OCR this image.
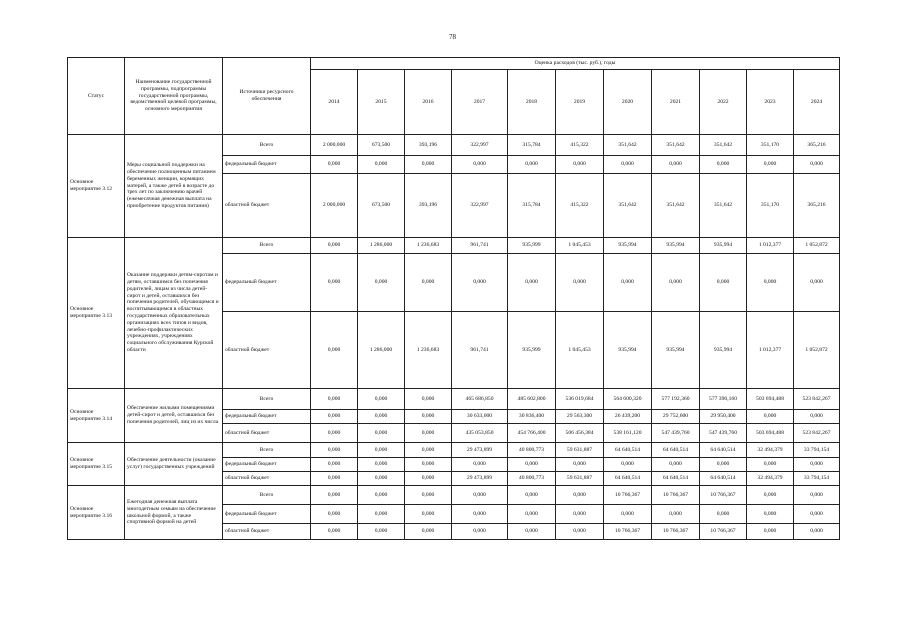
78
Статус	Наименование государственной программы, подпрограммы государственной программы, ведомственной целевой программы, основного мероприятия	Источники ресурсного обеспечения	Оценка расходов (тыс. руб.), годы										
			2014	2015	2016	2017	2018	2019	2020	2021	2022	2023	2024
Основное мероприятие 3.12	Меры социальной поддержки на обеспечение полноценным питанием беременных женщин, кормящих матерей, а также детей в возрасте до трех лет по заключению врачей (ежемесячная денежная выплата на приобретение продуктов питания)	Всего	2 000,000	673,500	393,196	322,997	315,784	415,322	351,642	351,642	351,642	351,170	365,216
		федеральный бюджет	0,000	0,000	0,000	0,000	0,000	0,000	0,000	0,000	0,000	0,000	0,000
		областной бюджет	2 000,000	673,500	393,196	322,997	315,784	415,322	351,642	351,642	351,642	351,170	365,216
Основное мероприятие 3.13	Оказание поддержки детям-сиротам и детям, оставшимся без попечения родителей, лицам из числа детей-сирот и детей, оставшихся без попечения родителей, обучающимся и воспитывающимся в областных государственных образовательных организациях всех типов и видов, лечебно-профилактических учреждениях, учреждениях социального обслуживания Курской области	Всего	0,000	1 286,000	1 236,683	961,741	935,999	1 045,453	935,994	935,994	935,994	1 012,377	1 052,872
		федеральный бюджет	0,000	0,000	0,000	0,000	0,000	0,000	0,000	0,000	0,000	0,000	0,000
		областной бюджет	0,000	1 286,000	1 236,683	961,741	935,999	1 045,453	935,994	935,994	935,994	1 012,377	1 052,872
Основное мероприятие 3.14	Обеспечение жилыми помещениями детей-сирот и детей, оставшихся без попечения родителей, лиц из их числа	Всего	0,000	0,000	0,000	465 686,850	485 602,800	536 019,684	564 600,320	577 192,360	577 390,160	503 694,488	523 842,267
		федеральный бюджет	0,000	0,000	0,000	30 633,000	30 836,400	29 563,300	26 439,200	29 752,600	29 950,400	0,000	0,000
		областной бюджет	0,000	0,000	0,000	435 053,850	454 766,400	506 456,384	538 161,120	547 439,760	547 439,760	503 694,488	523 842,267
Основное мероприятие 3.15	Обеспечение деятельности (оказание услуг) государственных учреждений	Всего	0,000	0,000	0,000	29 473,899	40 800,773	59 631,887	64 640,514	64 640,514	64 640,514	32 494,379	33 794,154
		федеральный бюджет	0,000	0,000	0,000	0,000	0,000	0,000	0,000	0,000	0,000	0,000	0,000
		областной бюджет	0,000	0,000	0,000	29 473,899	40 800,773	59 631,887	64 640,514	64 640,514	64 640,514	32 494,379	33 794,154
Основное мероприятие 3.16	Ежегодная денежная выплата многодетным семьям на обеспечение школьной формой, а также спортивной формой на детей	Всего	0,000	0,000	0,000	0,000	0,000	0,000	10 766,367	10 766,367	10 766,367	0,000	0,000
		федеральный бюджет	0,000	0,000	0,000	0,000	0,000	0,000	0,000	0,000	0,000	0,000	0,000
		областной бюджет	0,000	0,000	0,000	0,000	0,000	0,000	10 766,367	10 766,367	10 766,367	0,000	0,000
